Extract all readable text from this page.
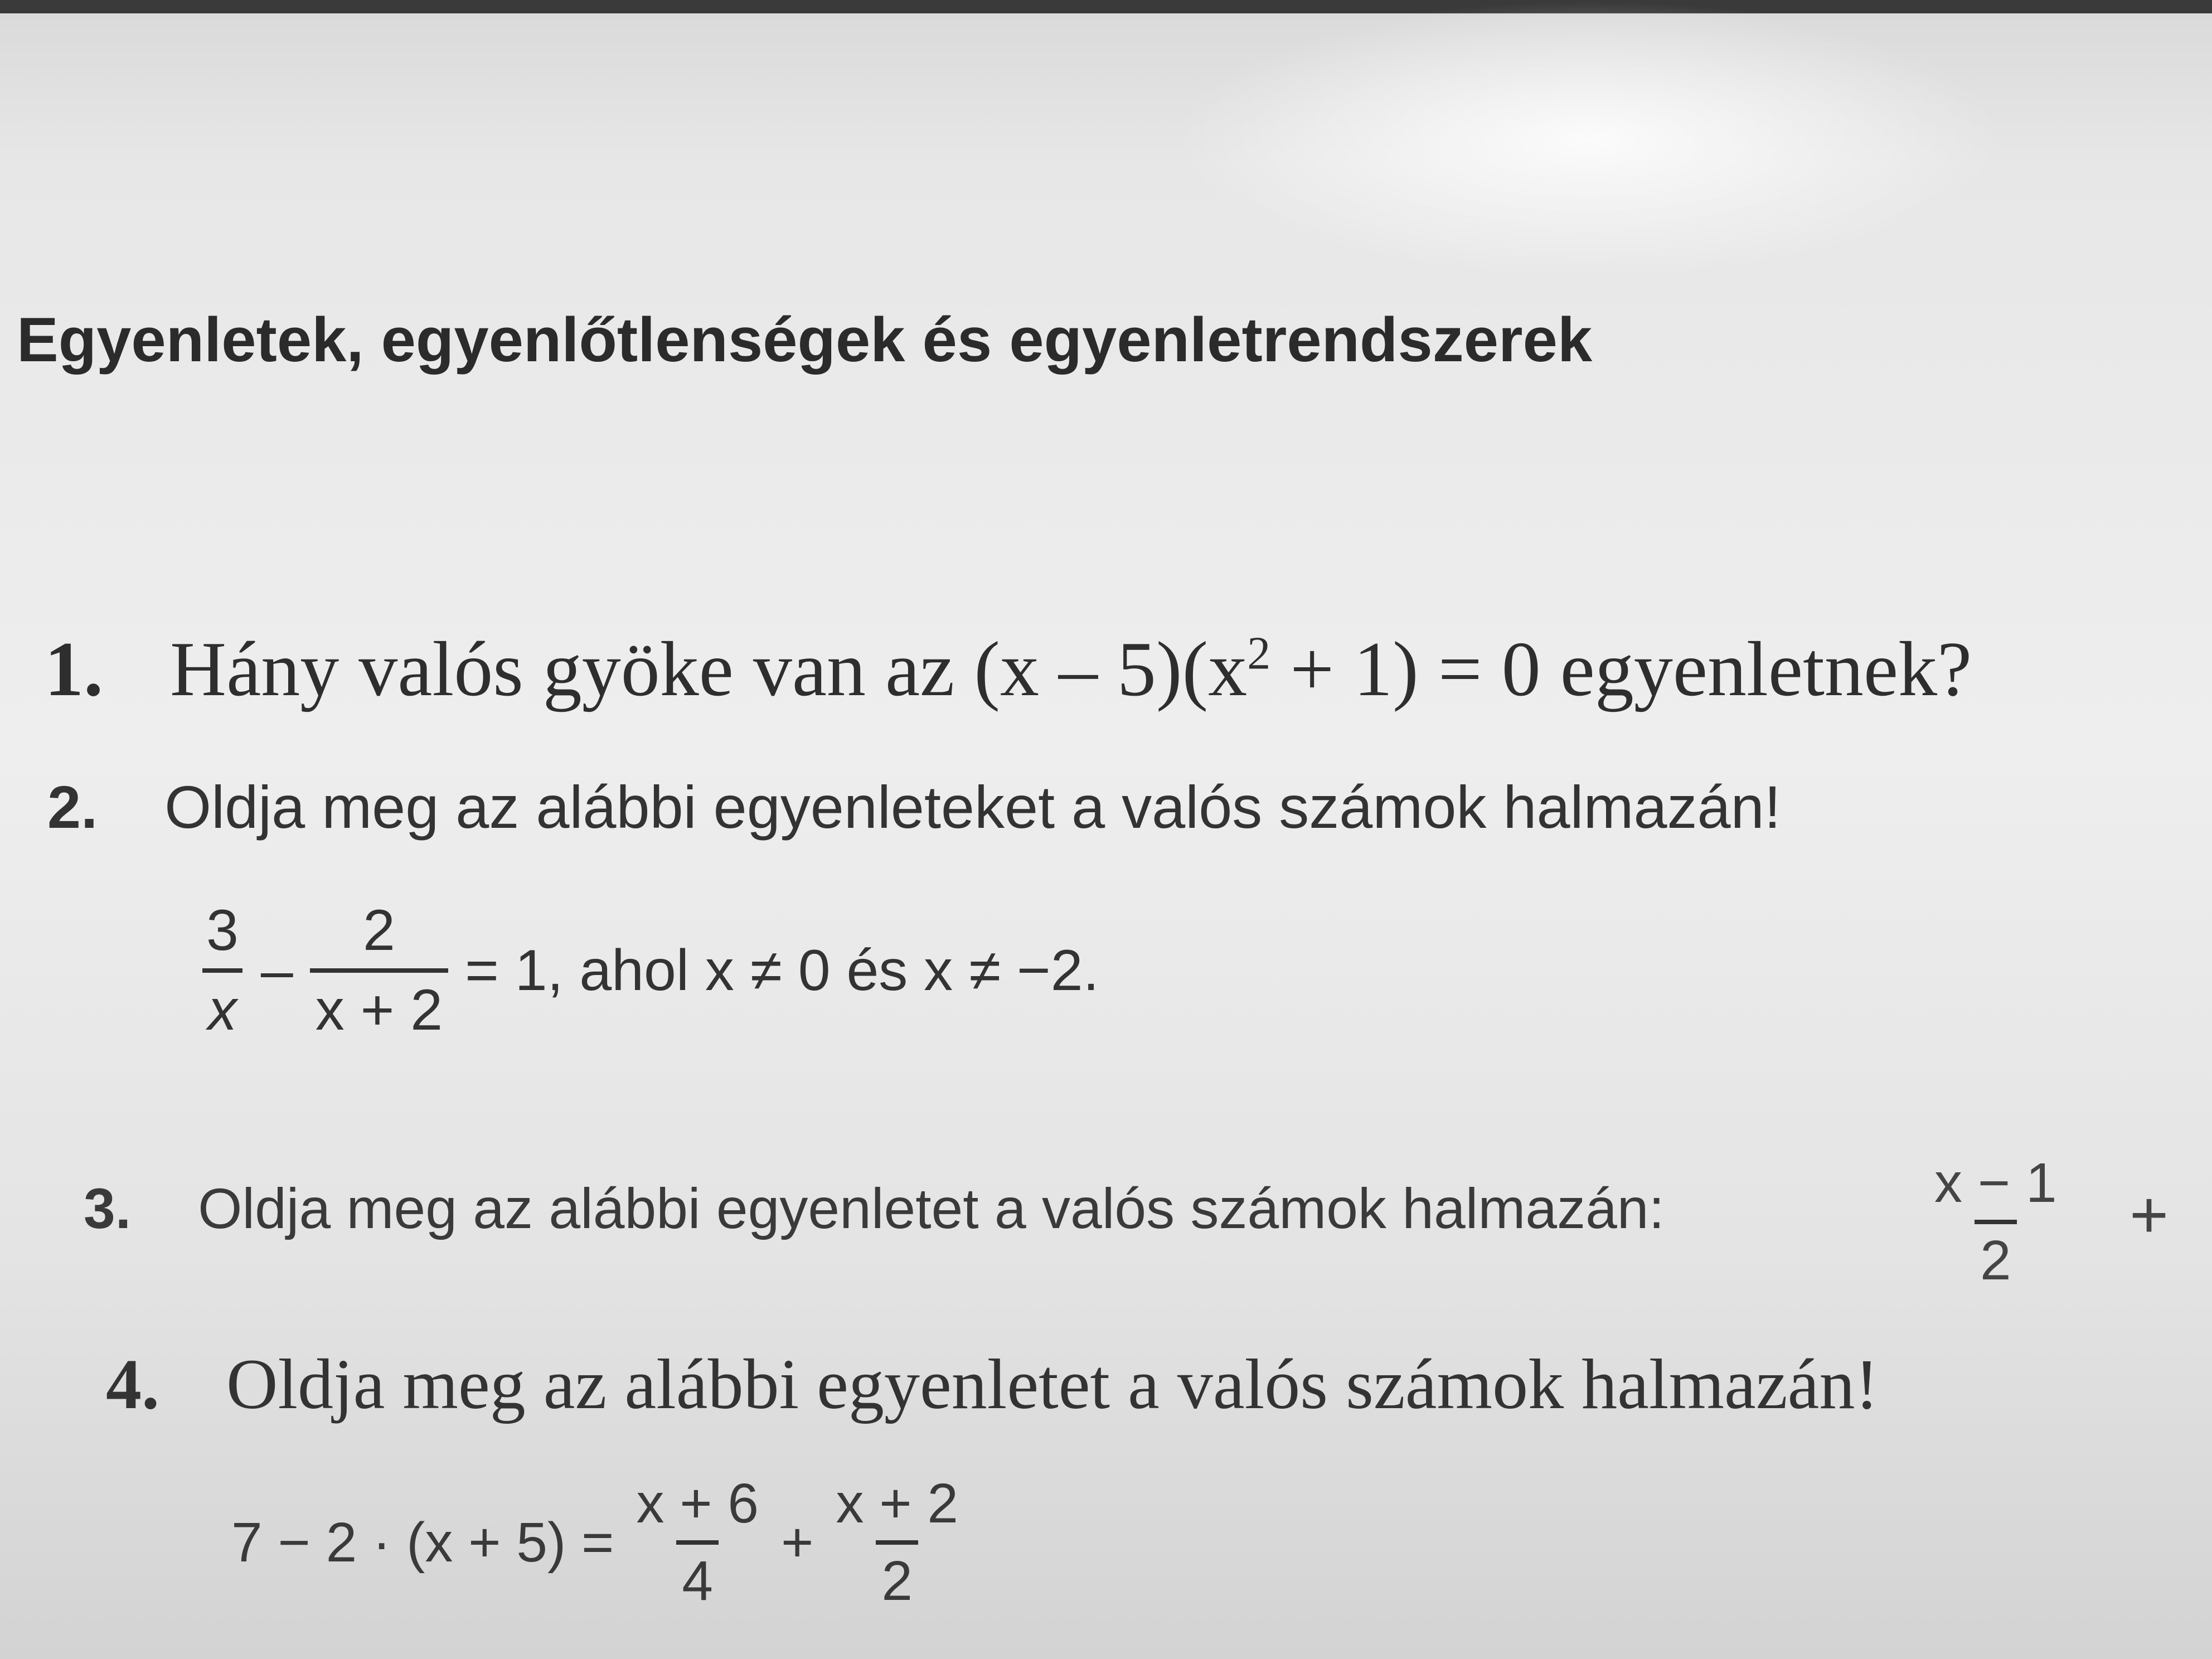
Egyenletek, egyenlőtlenségek és egyenletrendszerek
1. Hány valós gyöke van az $(x - 5)(x^2 + 1) = 0$ egyenletnek?
2. Oldja meg az alábbi egyenleteket a valós számok halmazán!
$\frac{3}{x} - \frac{2}{x + 2} = 1$, ahol x ≠ 0 és x ≠ −2.
3. Oldja meg az alábbi egyenletet a valós számok halmazán:	$\frac{x - 1}{2}$ +
4. Oldja meg az alábbi egyenletet a valós számok halmazán!
$7 - 2 \cdot (x + 5) = \frac{x + 6}{4} + \frac{x + 2}{2}$
